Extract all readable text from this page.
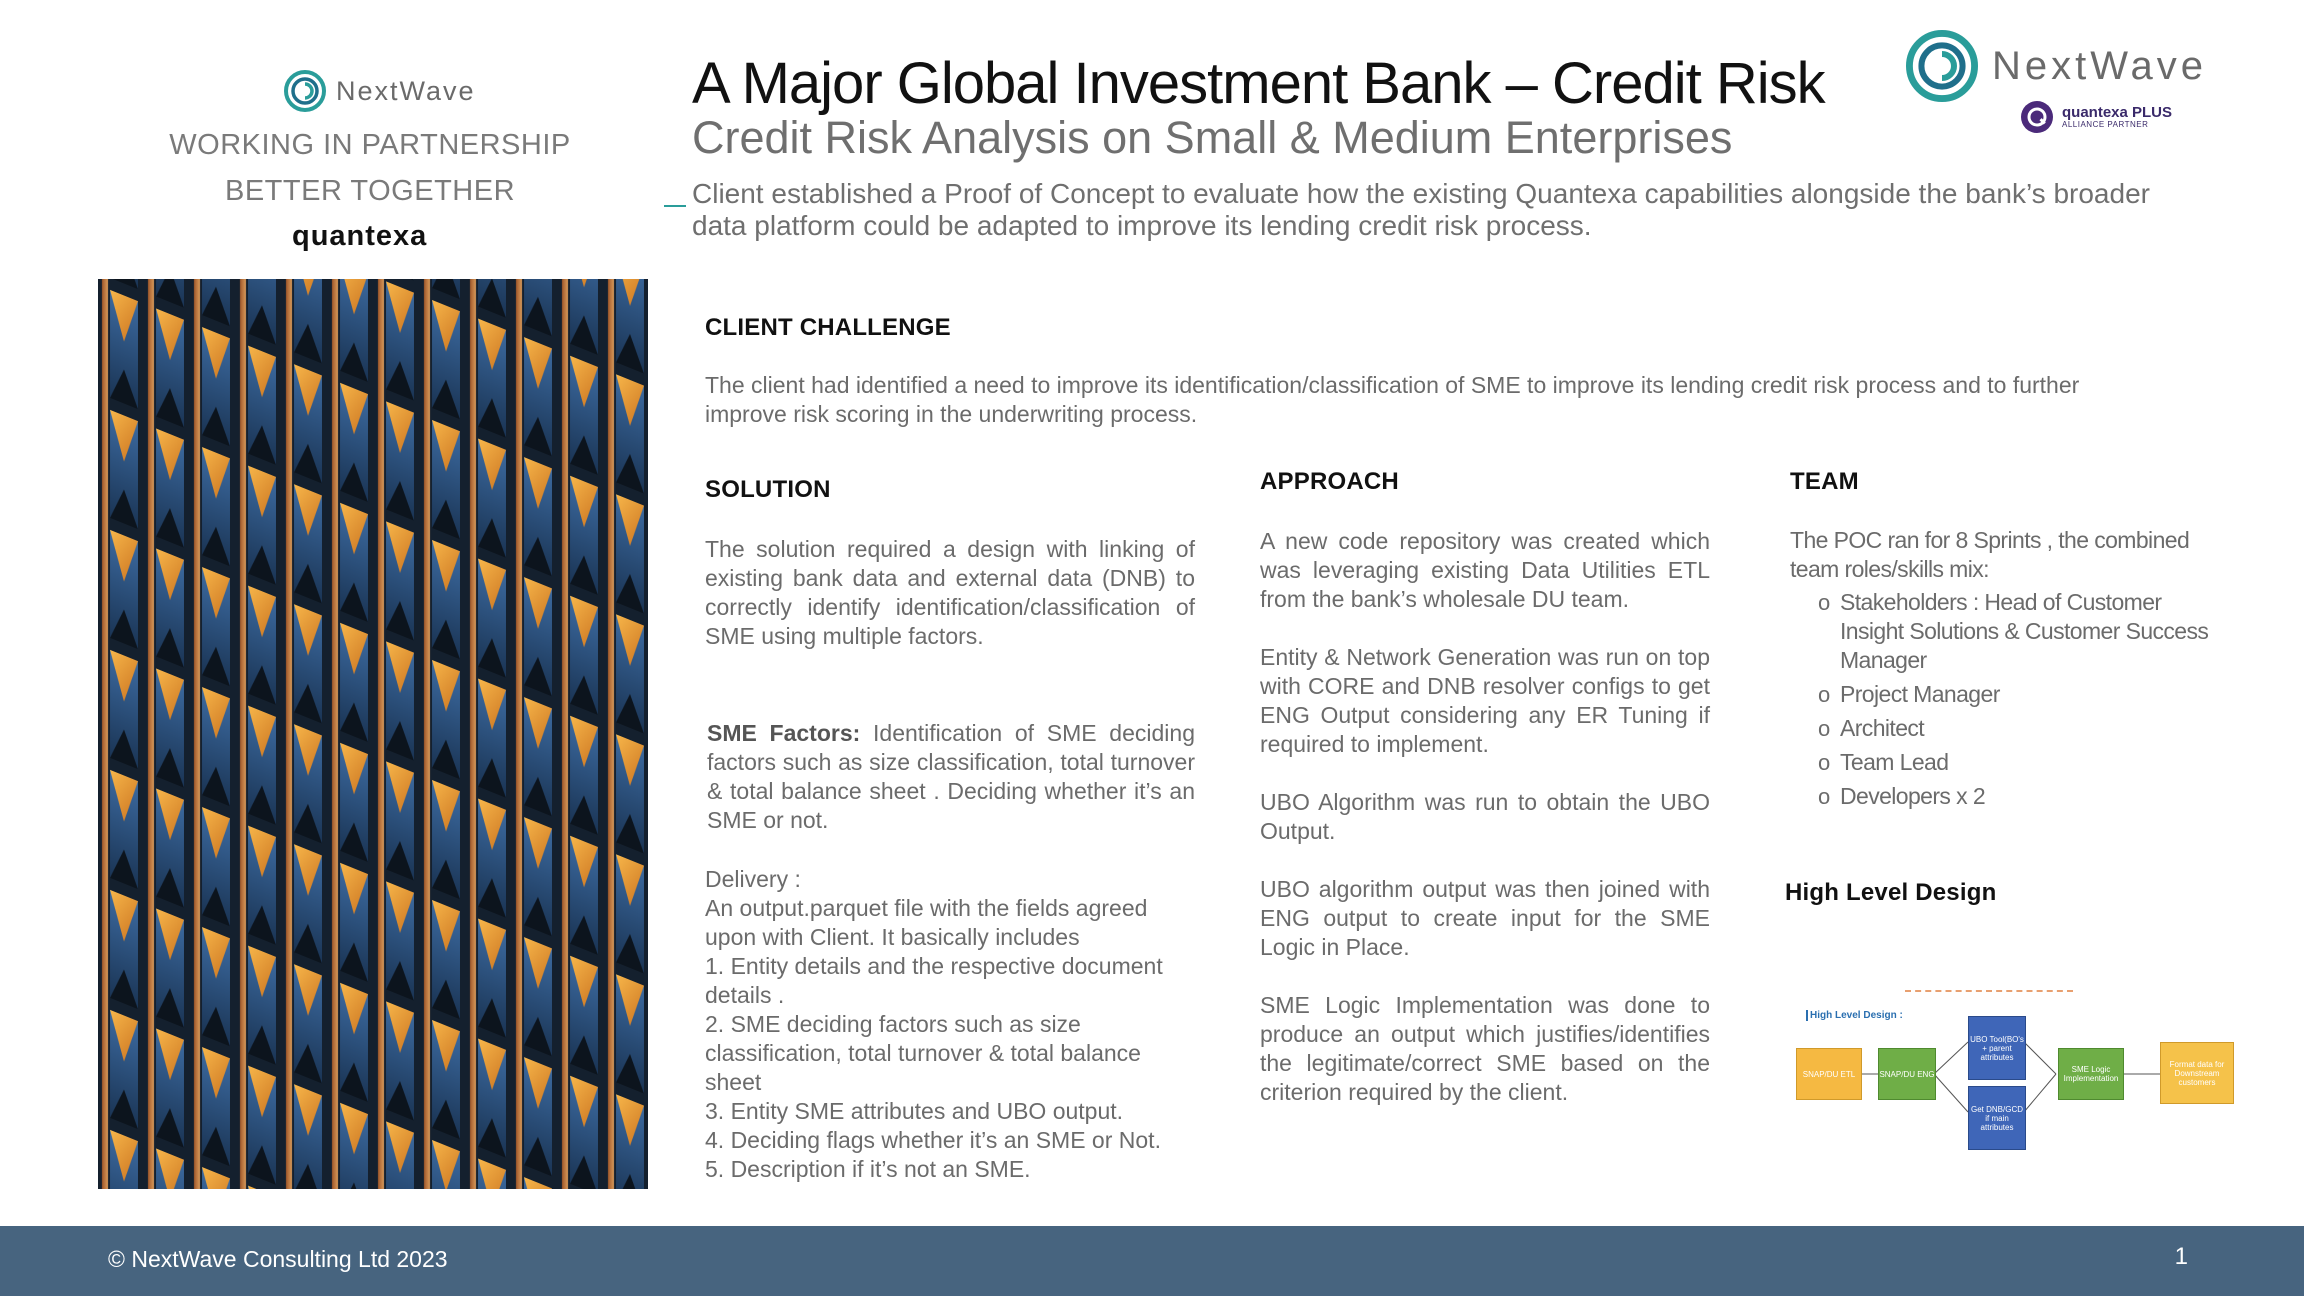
NextWave
WORKING IN PARTNERSHIP
BETTER TOGETHER
quantexa
A Major Global Investment Bank – Credit Risk
Credit Risk Analysis on Small & Medium Enterprises
Client established a Proof of Concept to evaluate how the existing Quantexa capabilities alongside the bank’s broader data platform could be adapted to improve its lending credit risk process.
NextWave
quantexa PLUS
ALLIANCE PARTNER
CLIENT CHALLENGE
The client had identified a need to improve its identification/classification of SME to improve its lending credit risk process and to further improve risk scoring in the underwriting process.
SOLUTION
The solution required a design with linking of existing bank data and external data (DNB) to correctly identify identification/classification of SME using multiple factors.
SME Factors: Identification of SME deciding factors such as size classification, total turnover & total balance sheet . Deciding whether it’s an SME or not.
Delivery :
An output.parquet file with the fields agreed upon with Client. It basically includes
1. Entity details and the respective document details .
2. SME deciding factors such as size classification, total turnover & total balance sheet
3. Entity SME attributes and UBO output.
4. Deciding flags whether it’s an SME or Not.
5. Description if it’s not an SME.
APPROACH
A new code repository was created which was leveraging existing Data Utilities ETL from the bank’s wholesale DU team.
Entity & Network Generation was run on top with CORE and DNB resolver configs to get ENG Output considering any ER Tuning if required to implement.
UBO Algorithm was run to obtain the UBO Output.
UBO algorithm output was then joined with ENG output to create input for the SME Logic in Place.
SME Logic Implementation was done to produce an output which justifies/identifies the legitimate/correct SME based on the criterion required by the client.
TEAM
The POC ran for 8 Sprints , the combined team roles/skills mix:
o Stakeholders : Head of Customer Insight Solutions & Customer Success Manager
o Project Manager
o Architect
o Team Lead
o Developers x 2
High Level Design
High Level Design :
SNAP/DU ETL	SNAP/DU ENG
UBO Tool(BO's + parent attributes
Get DNB/GCD if main attributes
SME Logic Implementation
Format data for Downstream customers
© NextWave Consulting Ltd 2023	1
